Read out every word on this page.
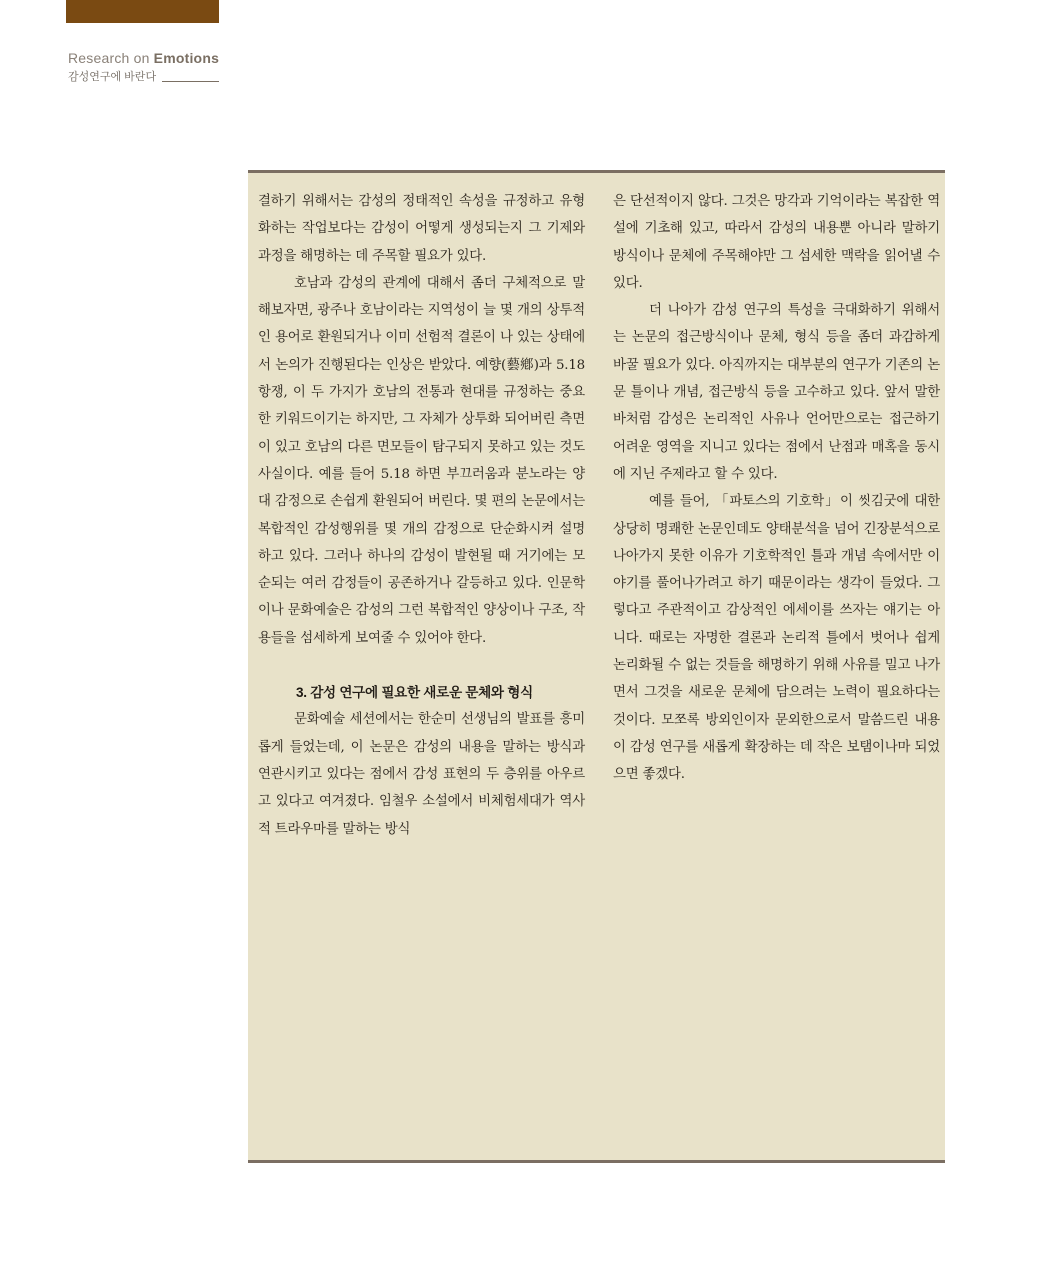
Research on Emotions
감성연구에 바란다

결하기 위해서는 감성의 정태적인 속성을 규정하고 유형화하는 작업보다는 감성이 어떻게 생성되는지 그 기제와 과정을 해명하는 데 주목할 필요가 있다.

호남과 감성의 관계에 대해서 좀더 구체적으로 말해보자면, 광주나 호남이라는 지역성이 늘 몇 개의 상투적인 용어로 환원되거나 이미 선험적 결론이 나 있는 상태에서 논의가 진행된다는 인상은 받았다. 예향(藝鄕)과 5.18항쟁, 이 두 가지가 호남의 전통과 현대를 규정하는 중요한 키워드이기는 하지만, 그 자체가 상투화 되어버린 측면이 있고 호남의 다른 면모들이 탐구되지 못하고 있는 것도 사실이다. 예를 들어 5.18 하면 부끄러움과 분노라는 양대 감정으로 손쉽게 환원되어 버린다. 몇 편의 논문에서는 복합적인 감성행위를 몇 개의 감정으로 단순화시켜 설명하고 있다. 그러나 하나의 감성이 발현될 때 거기에는 모순되는 여러 감정들이 공존하거나 갈등하고 있다. 인문학이나 문화예술은 감성의 그런 복합적인 양상이나 구조, 작용들을 섬세하게 보여줄 수 있어야 한다.

3. 감성 연구에 필요한 새로운 문체와 형식

문화예술 세션에서는 한순미 선생님의 발표를 흥미롭게 들었는데, 이 논문은 감성의 내용을 말하는 방식과 연관시키고 있다는 점에서 감성 표현의 두 층위를 아우르고 있다고 여겨졌다. 임철우 소설에서 비체험세대가 역사적 트라우마를 말하는 방식

은 단선적이지 않다. 그것은 망각과 기억이라는 복잡한 역설에 기초해 있고, 따라서 감성의 내용뿐 아니라 말하기 방식이나 문체에 주목해야만 그 섬세한 맥락을 읽어낼 수 있다.

더 나아가 감성 연구의 특성을 극대화하기 위해서는 논문의 접근방식이나 문체, 형식 등을 좀더 과감하게 바꿀 필요가 있다. 아직까지는 대부분의 연구가 기존의 논문 틀이나 개념, 접근방식 등을 고수하고 있다. 앞서 말한 바처럼 감성은 논리적인 사유나 언어만으로는 접근하기 어려운 영역을 지니고 있다는 점에서 난점과 매혹을 동시에 지닌 주제라고 할 수 있다.

예를 들어, 「파토스의 기호학」이 씻김굿에 대한 상당히 명쾌한 논문인데도 양태분석을 넘어 긴장분석으로 나아가지 못한 이유가 기호학적인 틀과 개념 속에서만 이야기를 풀어나가려고 하기 때문이라는 생각이 들었다. 그렇다고 주관적이고 감상적인 에세이를 쓰자는 얘기는 아니다. 때로는 자명한 결론과 논리적 틀에서 벗어나 쉽게 논리화될 수 없는 것들을 해명하기 위해 사유를 밀고 나가면서 그것을 새로운 문체에 담으려는 노력이 필요하다는 것이다. 모쪼록 방외인이자 문외한으로서 말씀드린 내용이 감성 연구를 새롭게 확장하는 데 작은 보탬이나마 되었으면 좋겠다.
